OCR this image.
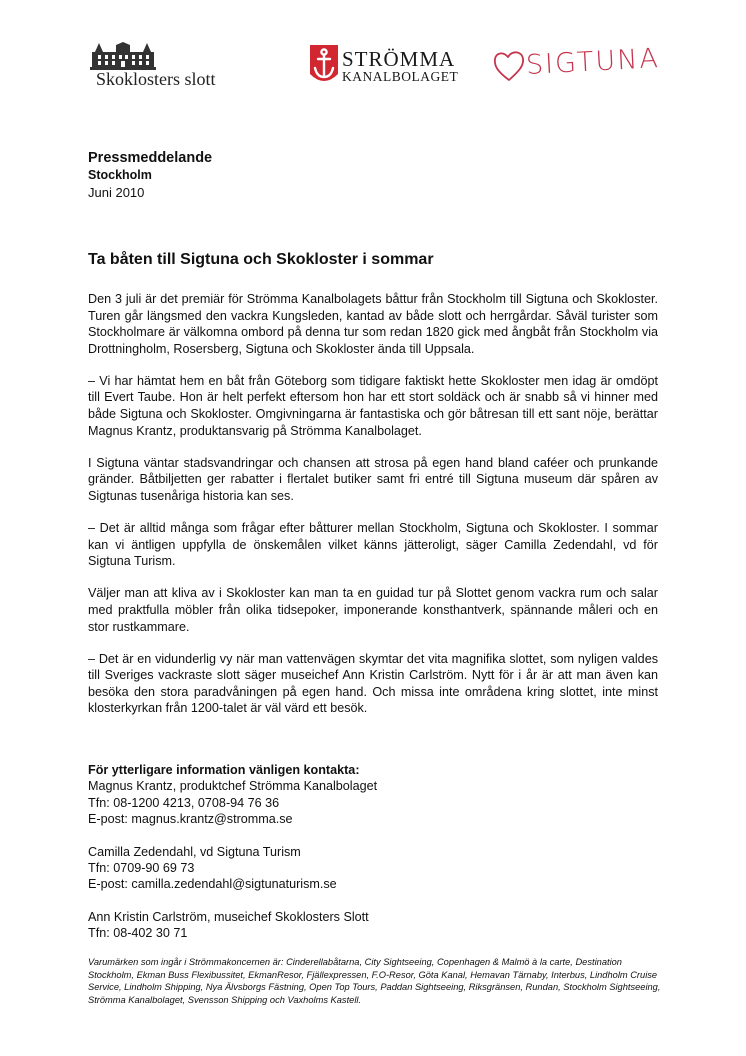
Skoklosters slott
STRÖMMA
KANALBOLAGET SIGTUNA
Pressmeddelande
Stockholm
Juni 2010
Ta båten till Sigtuna och Skokloster i sommar

Den 3 juli är det premiär för Strömma Kanalbolagets båttur från Stockholm till Sigtuna och Skokloster. Turen går längsmed den vackra Kungsleden, kantad av både slott och herrgårdar. Såväl turister som Stockholmare är välkomna ombord på denna tur som redan 1820 gick med ångbåt från Stockholm via Drottningholm, Rosersberg, Sigtuna och Skokloster ända till Uppsala.

– Vi har hämtat hem en båt från Göteborg som tidigare faktiskt hette Skokloster men idag är omdöpt till Evert Taube. Hon är helt perfekt eftersom hon har ett stort soldäck och är snabb så vi hinner med både Sigtuna och Skokloster. Omgivningarna är fantastiska och gör båtresan till ett sant nöje, berättar Magnus Krantz, produktansvarig på Strömma Kanalbolaget.

I Sigtuna väntar stadsvandringar och chansen att strosa på egen hand bland caféer och prunkande gränder. Båtbiljetten ger rabatter i flertalet butiker samt fri entré till Sigtuna museum där spåren av Sigtunas tusenåriga historia kan ses.

– Det är alltid många som frågar efter båtturer mellan Stockholm, Sigtuna och Skokloster. I sommar kan vi äntligen uppfylla de önskemålen vilket känns jätteroligt, säger Camilla Zedendahl, vd för Sigtuna Turism.

Väljer man att kliva av i Skokloster kan man ta en guidad tur på Slottet genom vackra rum och salar med praktfulla möbler från olika tidsepoker, imponerande konsthantverk, spännande måleri och en stor rustkammare.

– Det är en vidunderlig vy när man vattenvägen skymtar det vita magnifika slottet, som nyligen valdes till Sveriges vackraste slott säger museichef Ann Kristin Carlström. Nytt för i år är att man även kan besöka den stora paradvåningen på egen hand. Och missa inte områdena kring slottet, inte minst klosterkyrkan från 1200-talet är väl värd ett besök.

För ytterligare information vänligen kontakta:
Magnus Krantz, produktchef Strömma Kanalbolaget
Tfn: 08-1200 4213, 0708-94 76 36
E-post: magnus.krantz@stromma.se
Camilla Zedendahl, vd Sigtuna Turism
Tfn: 0709-90 69 73
E-post: camilla.zedendahl@sigtunaturism.se
Ann Kristin Carlström, museichef Skoklosters Slott
Tfn: 08-402 30 71
Varumärken som ingår i Strömmakoncernen är: Cinderellabåtarna, City Sightseeing, Copenhagen & Malmö à la carte, Destination Stockholm, Ekman Buss Flexibussitet, EkmanResor, Fjällexpressen, F.O-Resor, Göta Kanal, Hemavan Tärnaby, Interbus, Lindholm Cruise Service, Lindholm Shipping, Nya Älvsborgs Fästning, Open Top Tours, Paddan Sightseeing, Riksgränsen, Rundan, Stockholm Sightseeing, Strömma Kanalbolaget, Svensson Shipping och Vaxholms Kastell.
